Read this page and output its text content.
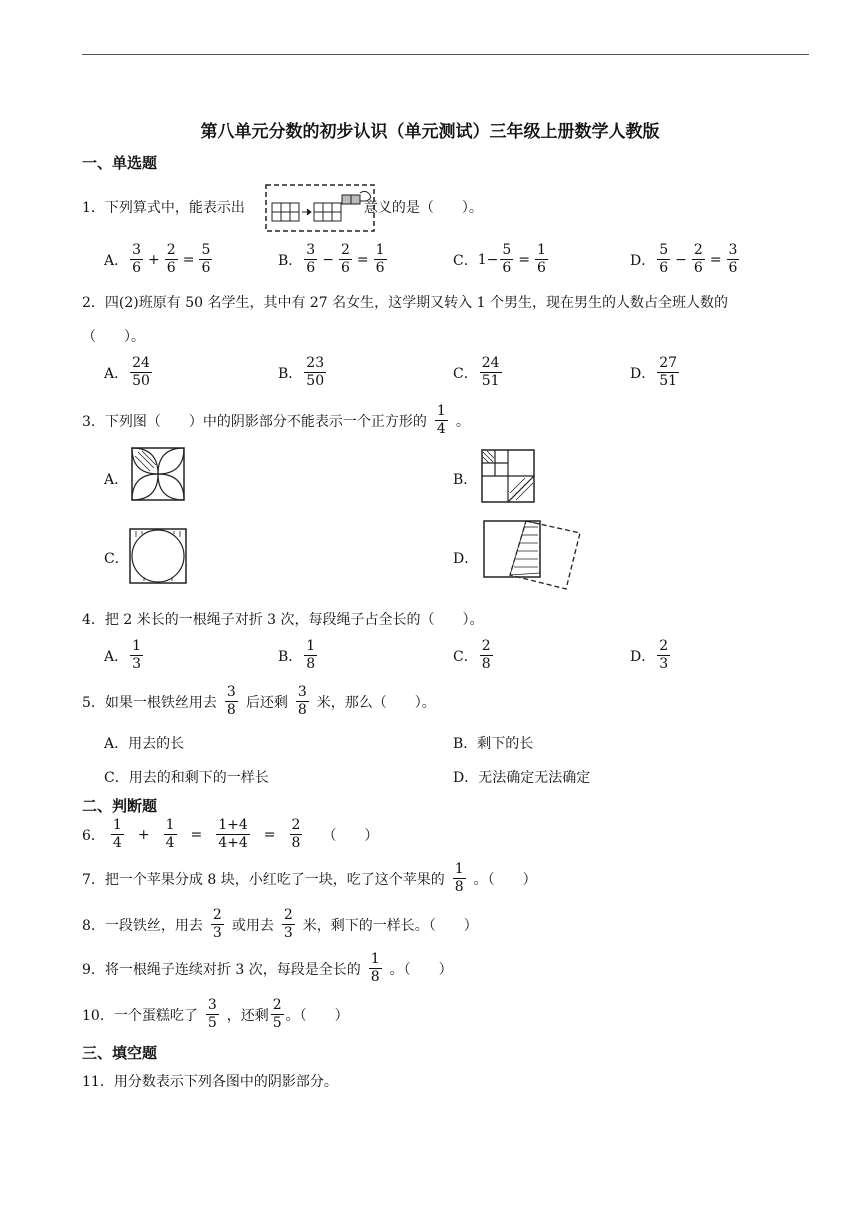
第八单元分数的初步认识（单元测试）三年级上册数学人教版
一、单选题
1．下列算式中，能表示出	意义的是（　　）。
A． $\frac{3}{6} + \frac{2}{6} = \frac{5}{6}$	B． $\frac{3}{6} - \frac{2}{6} = \frac{1}{6}$	C． $1- \frac{5}{6} = \frac{1}{6}$	D． $\frac{5}{6} - \frac{2}{6} = \frac{3}{6}$
2．四(2)班原有 50 名学生，其中有 27 名女生，这学期又转入 1 个男生，现在男生的人数占全班人数的
（　　）。
A． $\frac{24}{50}$	B． $\frac{23}{50}$	C． $\frac{24}{51}$	D． $\frac{27}{51}$
3．下列图（　　）中的阴影部分不能表示一个正方形的 $\frac{1}{4}$ 。
A．	B．
C．	D．
4．把 2 米长的一根绳子对折 3 次，每段绳子占全长的（　　）。
A． $\frac{1}{3}$	B． $\frac{1}{8}$	C． $\frac{2}{8}$	D． $\frac{2}{3}$
5．如果一根铁丝用去 $\frac{3}{8}$ 后还剩 $\frac{3}{8}$ 米，那么（　　）。
A．用去的长	B．剩下的长
C．用去的和剩下的一样长	D．无法确定无法确定
二、判断题
6． $\frac{1}{4} + \frac{1}{4} = \frac{1+4}{4+4} = \frac{2}{8}$ （　　）
7．把一个苹果分成 8 块，小红吃了一块，吃了这个苹果的 $\frac{1}{8}$ 。（　　）
8．一段铁丝，用去 $\frac{2}{3}$ 或用去 $\frac{2}{3}$ 米，剩下的一样长。（　　）
9．将一根绳子连续对折 3 次，每段是全长的 $\frac{1}{8}$ 。（　　）
10．一个蛋糕吃了 $\frac{3}{5}$ ，还剩 $\frac{2}{5}$ 。（　　）
三、填空题
11．用分数表示下列各图中的阴影部分。
